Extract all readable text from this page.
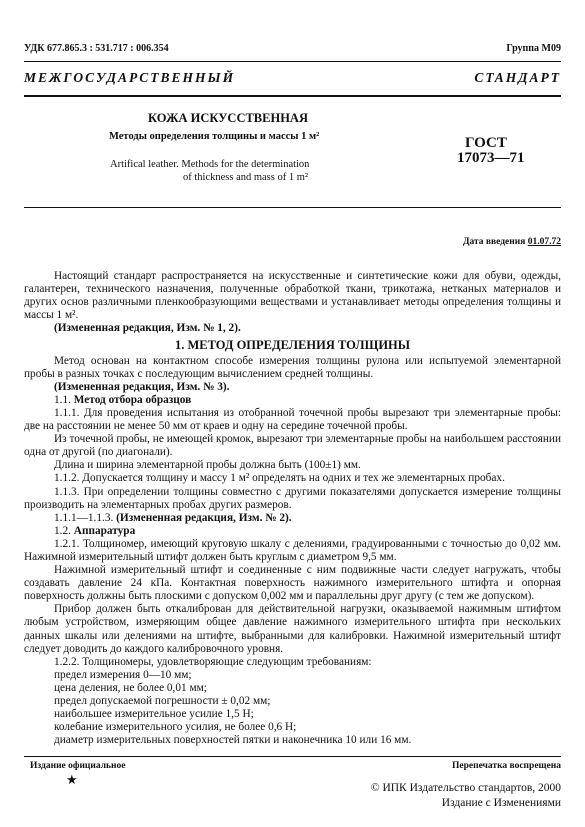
УДК 677.865.3 : 531.717 : 006.354	Группа М09
МЕЖГОСУДАРСТВЕННЫЙ СТАНДАРТ
КОЖА ИСКУССТВЕННАЯ
Методы определения толщины и массы 1 м²
Artifical leather. Methods for the determination
of thickness and mass of 1 m²
ГОСТ
17073—71
Дата введения 01.07.72

Настоящий стандарт распространяется на искусственные и синтетические кожи для обуви, одежды, галантереи, технического назначения, полученные обработкой ткани, трикотажа, нетканых материалов и других основ различными пленкообразующими веществами и устанавливает методы определения толщины и массы 1 м².

(Измененная редакция, Изм. № 1, 2).

1. МЕТОД ОПРЕДЕЛЕНИЯ ТОЛЩИНЫ

Метод основан на контактном способе измерения толщины рулона или испытуемой элементарной пробы в разных точках с последующим вычислением средней толщины.

(Измененная редакция, Изм. № 3).

1.1. Метод отбора образцов

1.1.1. Для проведения испытания из отобранной точечной пробы вырезают три элементарные пробы: две на расстоянии не менее 50 мм от краев и одну на середине точечной пробы.

Из точечной пробы, не имеющей кромок, вырезают три элементарные пробы на наибольшем расстоянии одна от другой (по диагонали).

Длина и ширина элементарной пробы должна быть (100±1) мм.

1.1.2. Допускается толщину и массу 1 м² определять на одних и тех же элементарных пробах.

1.1.3. При определении толщины совместно с другими показателями допускается измерение толщины производить на элементарных пробах других размеров.

1.1.1—1.1.3. (Измененная редакция, Изм. № 2).

1.2. Аппаратура

1.2.1. Толщиномер, имеющий круговую шкалу с делениями, градуированными с точностью до 0,02 мм. Нажимной измерительный штифт должен быть круглым с диаметром 9,5 мм.

Нажимной измерительный штифт и соединенные с ним подвижные части следует нагружать, чтобы создавать давление 24 кПа. Контактная поверхность нажимного измерительного штифта и опорная поверхность должны быть плоскими с допуском 0,002 мм и параллельны друг другу (с тем же допуском).

Прибор должен быть откалиброван для действительной нагрузки, оказываемой нажимным штифтом любым устройством, измеряющим общее давление нажимного измерительного штифта при нескольких данных шкалы или делениями на штифте, выбранными для калибровки. Нажимной измерительный штифт следует доводить до каждого калибровочного уровня.

1.2.2. Толщиномеры, удовлетворяющие следующим требованиям:

предел измерения 0—10 мм;

цена деления, не более 0,01 мм;

предел допускаемой погрешности ± 0,02 мм;

наибольшее измерительное усилие 1,5 Н;

колебание измерительного усилия, не более 0,6 Н;

диаметр измерительных поверхностей пятки и наконечника 10 или 16 мм.

Издание официальное	Перепечатка воспрещена
★
© ИПК Издательство стандартов, 2000
Издание с Изменениями
